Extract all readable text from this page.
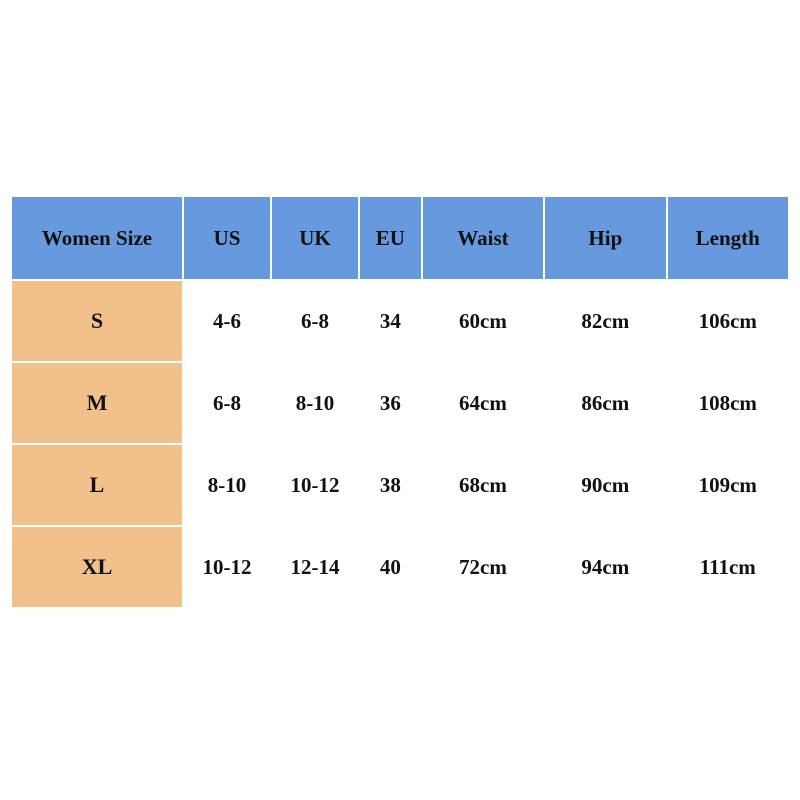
Women Size	US	UK	EU	Waist	Hip	Length
S	4-6	6-8	34	60cm	82cm	106cm
M	6-8	8-10	36	64cm	86cm	108cm
L	8-10	10-12	38	68cm	90cm	109cm
XL	10-12	12-14	40	72cm	94cm	111cm
